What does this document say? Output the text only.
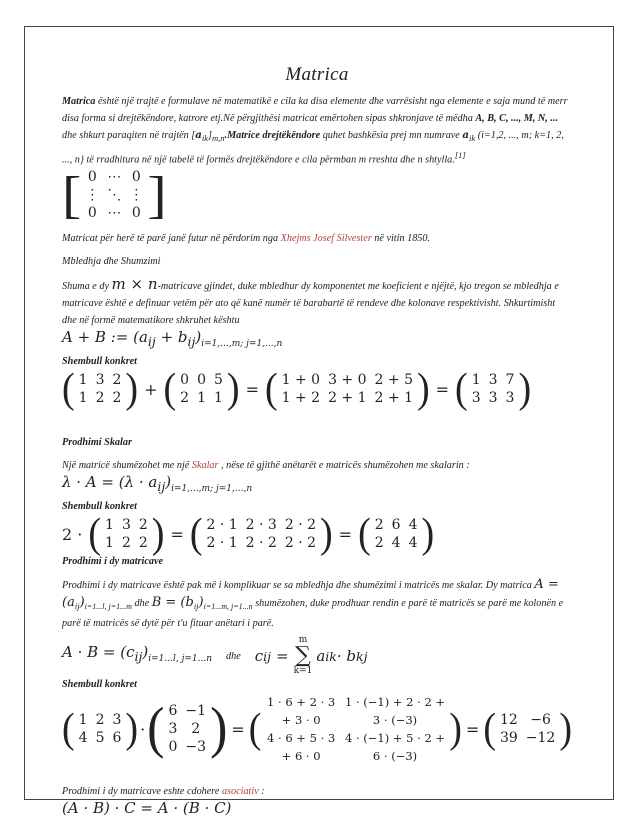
Matrica

Matrica është një trajtë e formulave në matematikë e cila ka disa elemente dhe varrësisht nga elemente e saja mund të merr disa forma si drejtëkëndore, katrore etj.Në përgjithësi matricat emërtohen sipas shkronjave të mëdha A, B, C, ..., M, N, ... dhe shkurt paraqiten në trajtën $[a_{ik}]_{m,n}.Matrice$ drejtëkëndore quhet bashkësia prej mn numrave $a_{ik}$ (i=1,2, ..., m; k=1, 2, ..., n} të rradhitura në një tabelë të formës drejtëkëndore e cila përmban m rreshta dhe n shtylla.[1]

[ 0	⋯	0
⋮	⋱	⋮
0	⋯	0 ]

Matricat për herë të parë janë futur në përdorim nga Xhejms Josef Silvester në vitin 1850.

Mbledhja dhe Shumzimi

Shuma e dy m × n-matricave gjindet, duke mbledhur dy komponentet me koeficient e njëjtë, kjo tregon se mbledhja e matricave është e definuar vetëm për ato që kanë numër të barabartë të rendeve dhe kolonave respektivisht. Shkurtimisht dhe në formë matematikore shkruhet kështu

A + B := $(a_{ij} + b_{ij})_{i=1,...,m; j=1,...,n}$

Shembull konkret

( 1	3	2
1	2	2 ) + ( 0	0	5
2	1	1 ) = ( 1 + 0	3 + 0	2 + 5
1 + 2	2 + 1	2 + 1 ) = ( 1	3	7
3	3	3 )

Prodhimi Skalar

Një matricë shumëzohet me një Skalar , nëse të gjithë anëtarët e matricës shumëzohen me skalarin :

$\lambda \cdot A = (\lambda \cdot a_{ij})_{i=1,...,m; j=1,...,n}$

Shembull konkret

2 · ( 1	3	2
1	2	2 ) = ( 2 · 1	2 · 3	2 · 2
2 · 1	2 · 2	2 · 2 ) = ( 2	6	4
2	4	4 )

Prodhimi i dy matricave

Prodhimi i dy matricave është pak më i komplikuar se sa mbledhja dhe shumëzimi i matricës me skalar. Dy matrica $A = (a_{ij})_{i=1...l, j=1...m}$ dhe $B = (b_{ij})_{i=1...m, j=1...n}$ shumëzohen, duke prodhuar rendin e parë të matricës se parë me kolonën e parë të matricës së dytë për t'u fituar anëtari i parë.

$A \cdot B = (c_{ij})_{i=1...l, j=1...n}$	dhe c ij =
m
∑
k=1
a ik · b kj

Shembull konkret

( 1	2	3
4	5	6 ) · ( 6	−1
3	2
0	−3 ) = (
1 · 6 + 2 · 3 + 3 · 0	1 · (−1) + 2 · 2 + 3 · (−3)
4 · 6 + 5 · 3 + 6 · 0	4 · (−1) + 5 · 2 + 6 · (−3)
) = ( 12	−6
39	−12 )

Prodhimi i dy matricave eshte cdohere asociativ :

(A · B) · C = A · (B · C)
